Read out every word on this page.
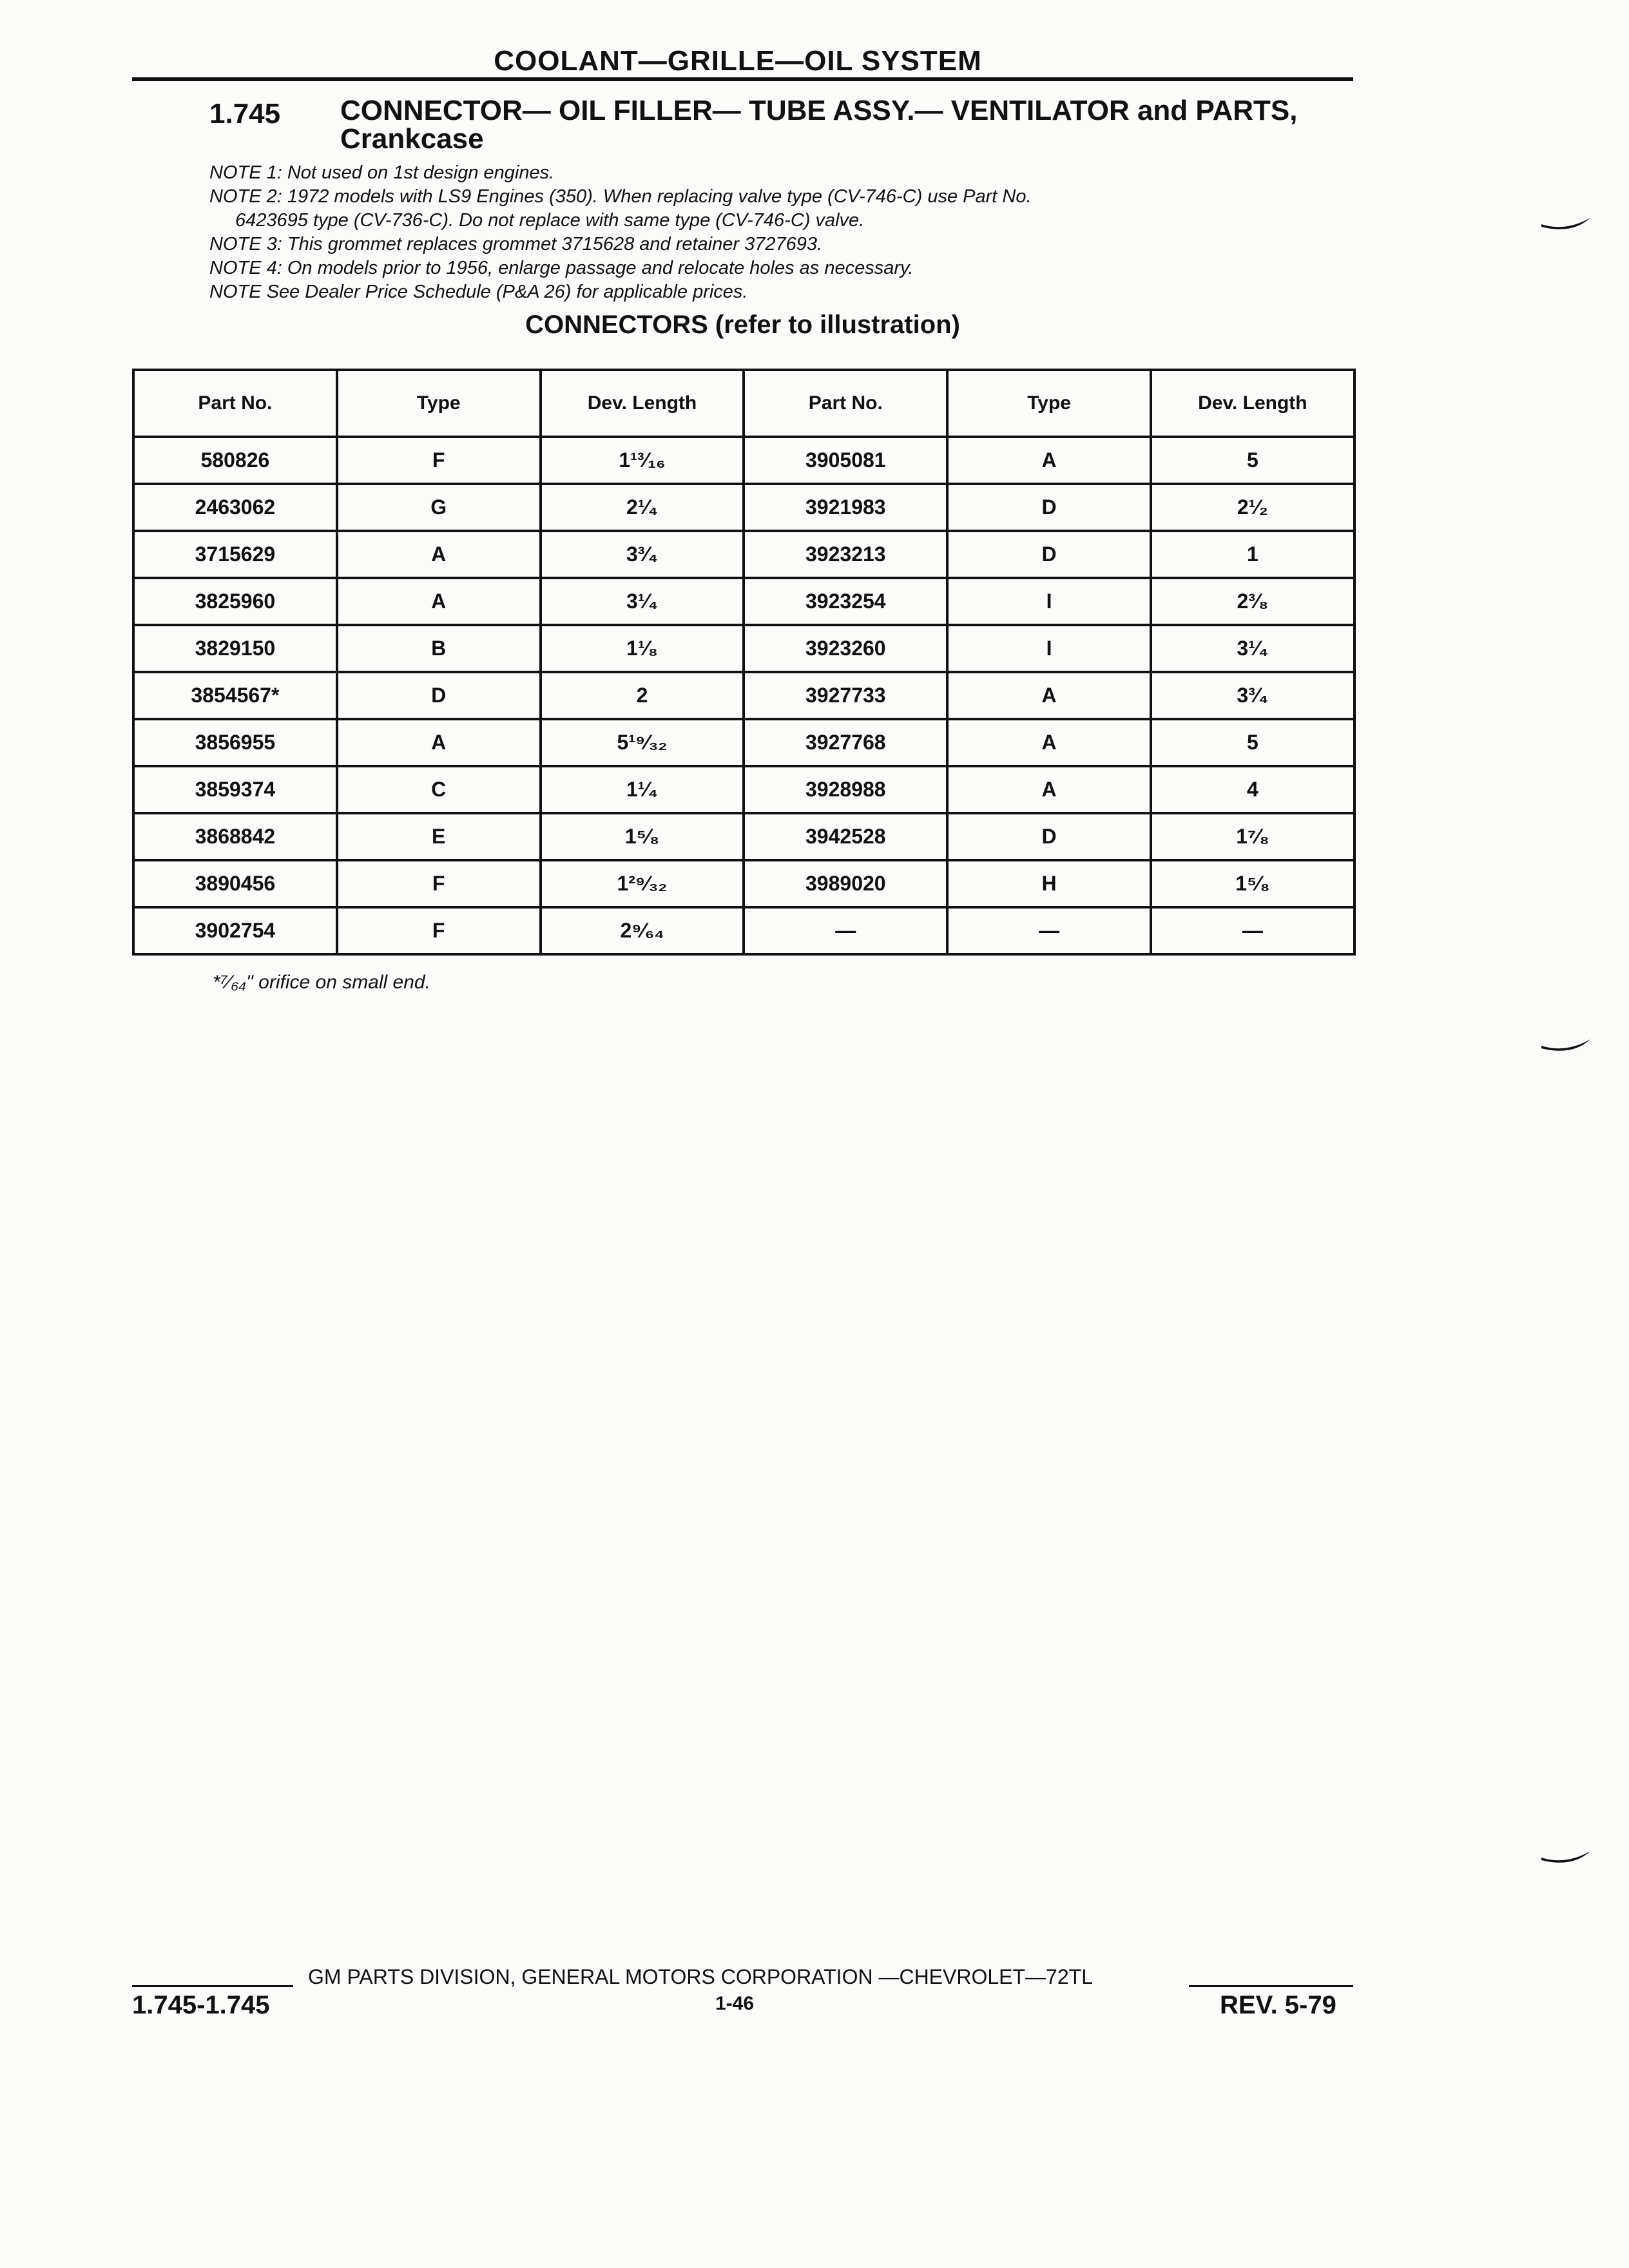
COOLANT—GRILLE—OIL SYSTEM
1.745 CONNECTOR— OIL FILLER— TUBE ASSY.— VENTILATOR and PARTS, Crankcase
NOTE 1: Not used on 1st design engines.
NOTE 2: 1972 models with LS9 Engines (350). When replacing valve type (CV-746-C) use Part No.
6423695 type (CV-736-C). Do not replace with same type (CV-746-C) valve.
NOTE 3: This grommet replaces grommet 3715628 and retainer 3727693.
NOTE 4: On models prior to 1956, enlarge passage and relocate holes as necessary.
NOTE See Dealer Price Schedule (P&A 26) for applicable prices.
CONNECTORS (refer to illustration)
Part No.	Type	Dev. Length	Part No.	Type	Dev. Length
580826	F	1¹³⁄₁₆	3905081	A	5
2463062	G	2¹⁄₄	3921983	D	2¹⁄₂
3715629	A	3³⁄₄	3923213	D	1
3825960	A	3¹⁄₄	3923254	I	2³⁄₈
3829150	B	1¹⁄₈	3923260	I	3¹⁄₄
3854567*	D	2	3927733	A	3³⁄₄
3856955	A	5¹⁹⁄₃₂	3927768	A	5
3859374	C	1¹⁄₄	3928988	A	4
3868842	E	1⁵⁄₈	3942528	D	1⁷⁄₈
3890456	F	1²⁹⁄₃₂	3989020	H	1⁵⁄₈
3902754	F	2⁹⁄₆₄	—	—	—
*⁷⁄₆₄" orifice on small end.
GM PARTS DIVISION, GENERAL MOTORS CORPORATION —CHEVROLET—72TL
1.745-1.745	1-46	REV. 5-79
